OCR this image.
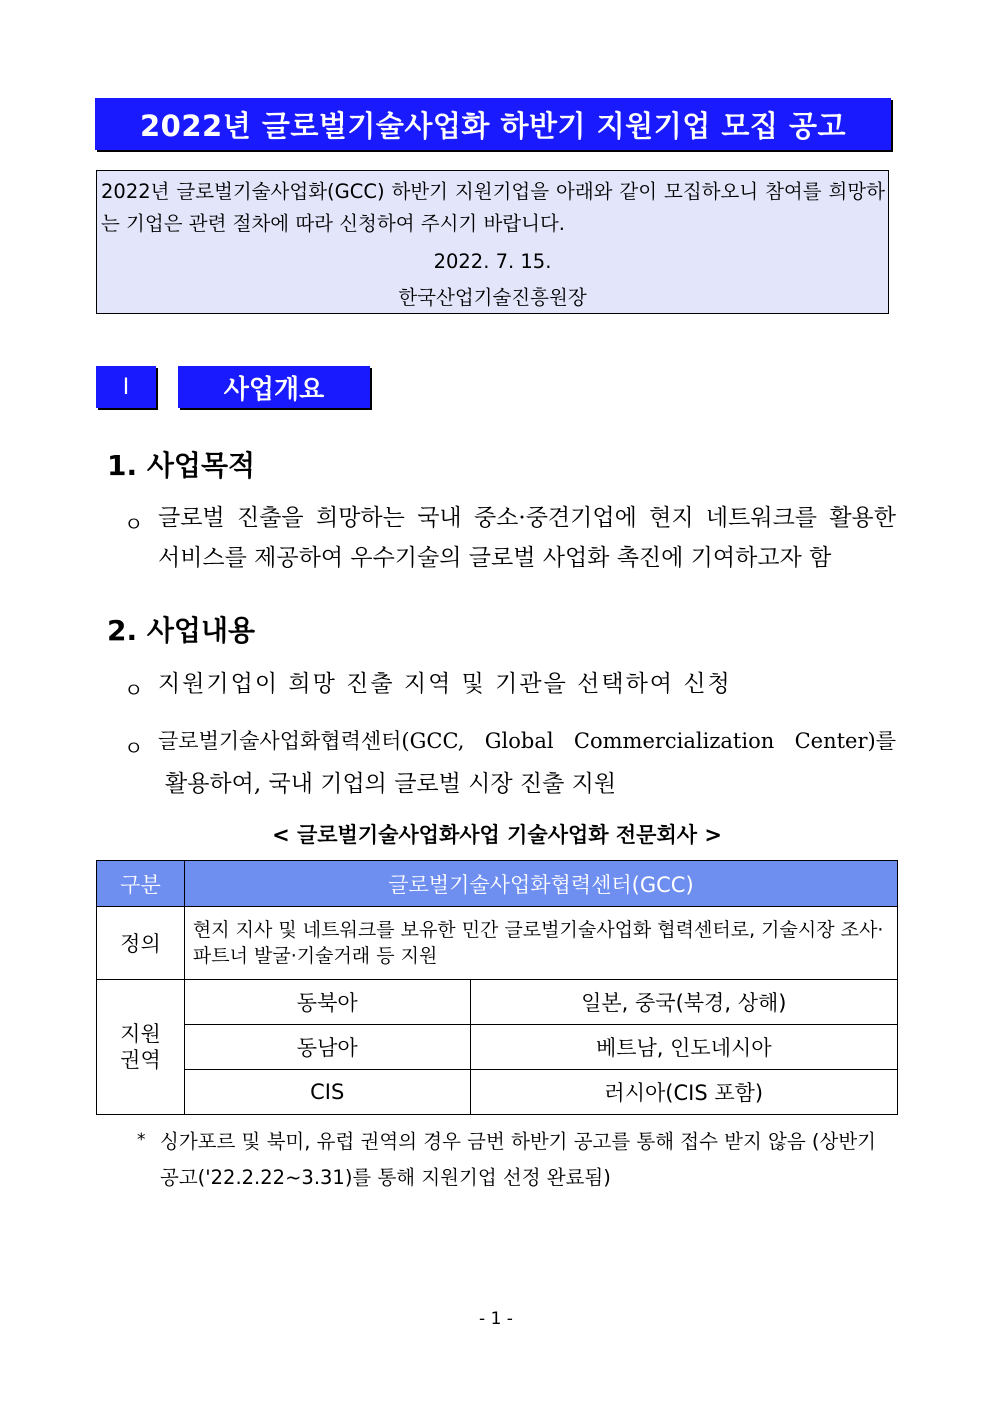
2022년 글로벌기술사업화 하반기 지원기업 모집 공고
2022년 글로벌기술사업화(GCC) 하반기 지원기업을 아래와 같이 모집하오니 참여를 희망하는 기업은 관련 절차에 따라 신청하여 주시기 바랍니다.
2022. 7. 15.
한국산업기술진흥원장
Ⅰ	사업개요
1. 사업목적
ㅇ 글로벌 진출을 희망하는 국내 중소·중견기업에 현지 네트워크를 활용한
서비스를 제공하여 우수기술의 글로벌 사업화 촉진에 기여하고자 함
2. 사업내용
ㅇ 지원기업이 희망 진출 지역 및 기관을 선택하여 신청
ㅇ 글로벌기술사업화협력센터(GCC, Global Commercialization Center)를
활용하여, 국내 기업의 글로벌 시장 진출 지원
< 글로벌기술사업화사업 기술사업화 전문회사 >
구분	글로벌기술사업화협력센터(GCC)	
정의	현지 지사 및 네트워크를 보유한 민간 글로벌기술사업화 협력센터로, 기술시장 조사·파트너 발굴·기술거래 등 지원	
지원
권역	동북아	일본, 중국(북경, 상해)
	동남아	베트남, 인도네시아
	CIS	러시아(CIS 포함)
* 싱가포르 및 북미, 유럽 권역의 경우 금번 하반기 공고를 통해 접수 받지 않음 (상반기 공고('22.2.22~3.31)를 통해 지원기업 선정 완료됨)
- 1 -
